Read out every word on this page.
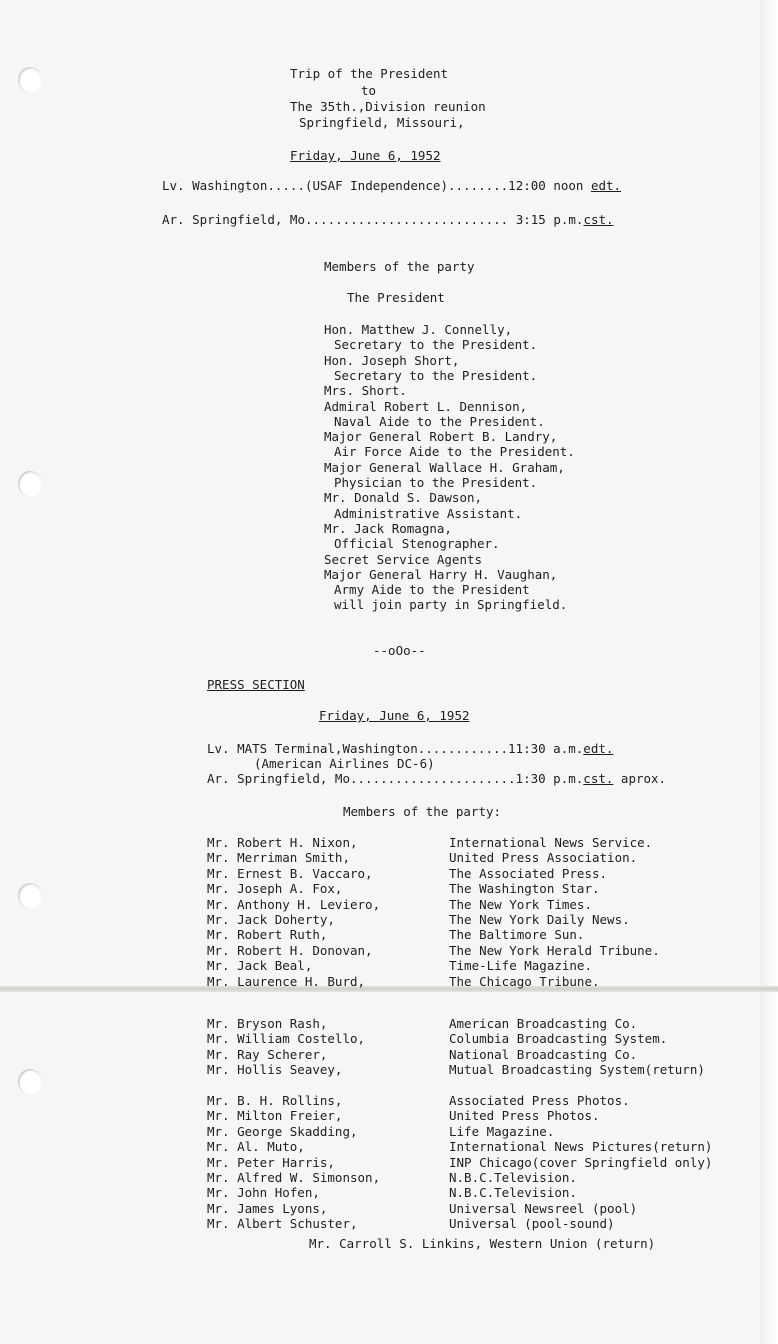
Trip of the President
to
The 35th.,Division reunion
Springfield, Missouri,
Friday, June 6, 1952
Lv. Washington.....(USAF Independence)........12:00 noon edt.
Ar. Springfield, Mo........................... 3:15 p.m.cst.
Members of the party
The President
Hon. Matthew J. Connelly,
Secretary to the President.
Hon. Joseph Short,
Secretary to the President.
Mrs. Short.
Admiral Robert L. Dennison,
Naval Aide to the President.
Major General Robert B. Landry,
Air Force Aide to the President.
Major General Wallace H. Graham,
Physician to the President.
Mr. Donald S. Dawson,
Administrative Assistant.
Mr. Jack Romagna,
Official Stenographer.
Secret Service Agents
Major General Harry H. Vaughan,
Army Aide to the President
will join party in Springfield.
--oOo--
PRESS SECTION
Friday, June 6, 1952
Lv. MATS Terminal,Washington............11:30 a.m.edt.
(American Airlines DC-6)
Ar. Springfield, Mo......................1:30 p.m.cst. aprox.
Members of the party:
Mr. Robert H. Nixon,	International News Service.
Mr. Merriman Smith,	United Press Association.
Mr. Ernest B. Vaccaro,	The Associated Press.
Mr. Joseph A. Fox,	The Washington Star.
Mr. Anthony H. Leviero,	The New York Times.
Mr. Jack Doherty,	The New York Daily News.
Mr. Robert Ruth,	The Baltimore Sun.
Mr. Robert H. Donovan,	The New York Herald Tribune.
Mr. Jack Beal,	Time-Life Magazine.
Mr. Laurence H. Burd,	The Chicago Tribune.
Mr. Bryson Rash,	American Broadcasting Co.
Mr. William Costello,	Columbia Broadcasting System.
Mr. Ray Scherer,	National Broadcasting Co.
Mr. Hollis Seavey,	Mutual Broadcasting System(return)
Mr. B. H. Rollins,	Associated Press Photos.
Mr. Milton Freier,	United Press Photos.
Mr. George Skadding,	Life Magazine.
Mr. Al. Muto,	International News Pictures(return)
Mr. Peter Harris,	INP Chicago(cover Springfield only)
Mr. Alfred W. Simonson,	N.B.C.Television.
Mr. John Hofen,	N.B.C.Television.
Mr. James Lyons,	Universal Newsreel (pool)
Mr. Albert Schuster,	Universal (pool-sound)
Mr. Carroll S. Linkins, Western Union (return)
